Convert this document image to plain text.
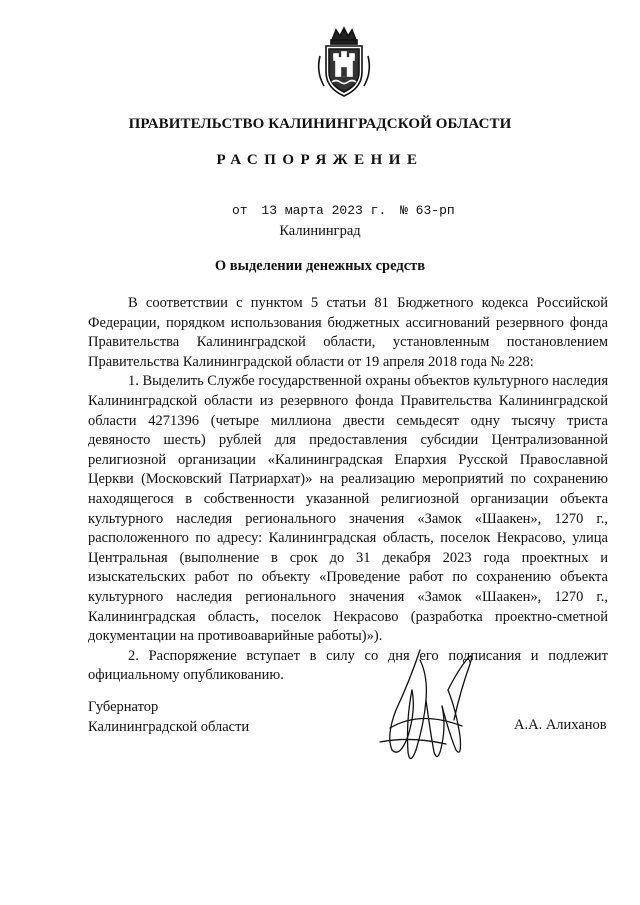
ПРАВИТЕЛЬСТВО КАЛИНИНГРАДСКОЙ ОБЛАСТИ
РАСПОРЯЖЕНИЕ
от 13 марта 2023 г. № 63-рп
Калининград
О выделении денежных средств

В соответствии с пунктом 5 статьи 81 Бюджетного кодекса Российской Федерации, порядком использования бюджетных ассигнований резервного фонда Правительства Калининградской области, установленным постановлением Правительства Калининградской области от 19 апреля 2018 года № 228:

1. Выделить Службе государственной охраны объектов культурного наследия Калининградской области из резервного фонда Правительства Калининградской области 4271396 (четыре миллиона двести семьдесят одну тысячу триста девяносто шесть) рублей для предоставления субсидии Централизованной религиозной организации «Калининградская Епархия Русской Православной Церкви (Московский Патриархат)» на реализацию мероприятий по сохранению находящегося в собственности указанной религиозной организации объекта культурного наследия регионального значения «Замок «Шаакен», 1270 г., расположенного по адресу: Калининградская область, поселок Некрасово, улица Центральная (выполнение в срок до 31 декабря 2023 года проектных и изыскательских работ по объекту «Проведение работ по сохранению объекта культурного наследия регионального значения «Замок «Шаакен», 1270 г., Калининградская область, поселок Некрасово (разработка проектно-сметной документации на противоаварийные работы)»).

2. Распоряжение вступает в силу со дня его подписания и подлежит официальному опубликованию.

Губернатор
Калининградской области	А.А. Алиханов
